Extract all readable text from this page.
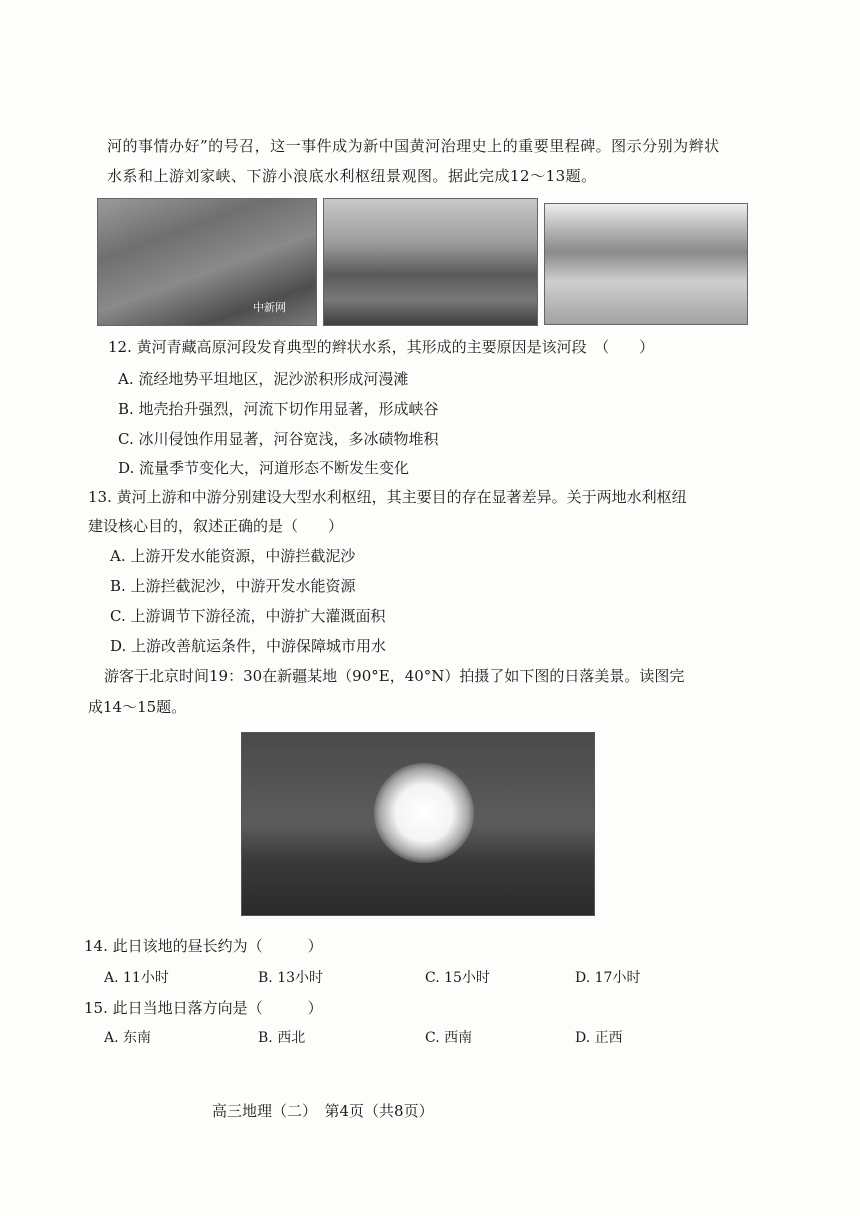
河的事情办好”的号召，这一事件成为新中国黄河治理史上的重要里程碑。图示分别为辫状
水系和上游刘家峡、下游小浪底水利枢纽景观图。据此完成12～13题。
中新网
12. 黄河青藏高原河段发育典型的辫状水系，其形成的主要原因是该河段　（　　）
A. 流经地势平坦地区，泥沙淤积形成河漫滩
B. 地壳抬升强烈，河流下切作用显著，形成峡谷
C. 冰川侵蚀作用显著，河谷宽浅，多冰碛物堆积
D. 流量季节变化大，河道形态不断发生变化
13. 黄河上游和中游分别建设大型水利枢纽，其主要目的存在显著差异。关于两地水利枢纽
建设核心目的，叙述正确的是（　　）
A. 上游开发水能资源，中游拦截泥沙
B. 上游拦截泥沙，中游开发水能资源
C. 上游调节下游径流，中游扩大灌溉面积
D. 上游改善航运条件，中游保障城市用水
游客于北京时间19：30在新疆某地（90°E，40°N）拍摄了如下图的日落美景。读图完
成14～15题。
14. 此日该地的昼长约为（　　　）
A. 11小时	B. 13小时	C. 15小时	D. 17小时
15. 此日当地日落方向是（　　　）
A. 东南	B. 西北	C. 西南	D. 正西
高三地理（二）　第4页（共8页）
